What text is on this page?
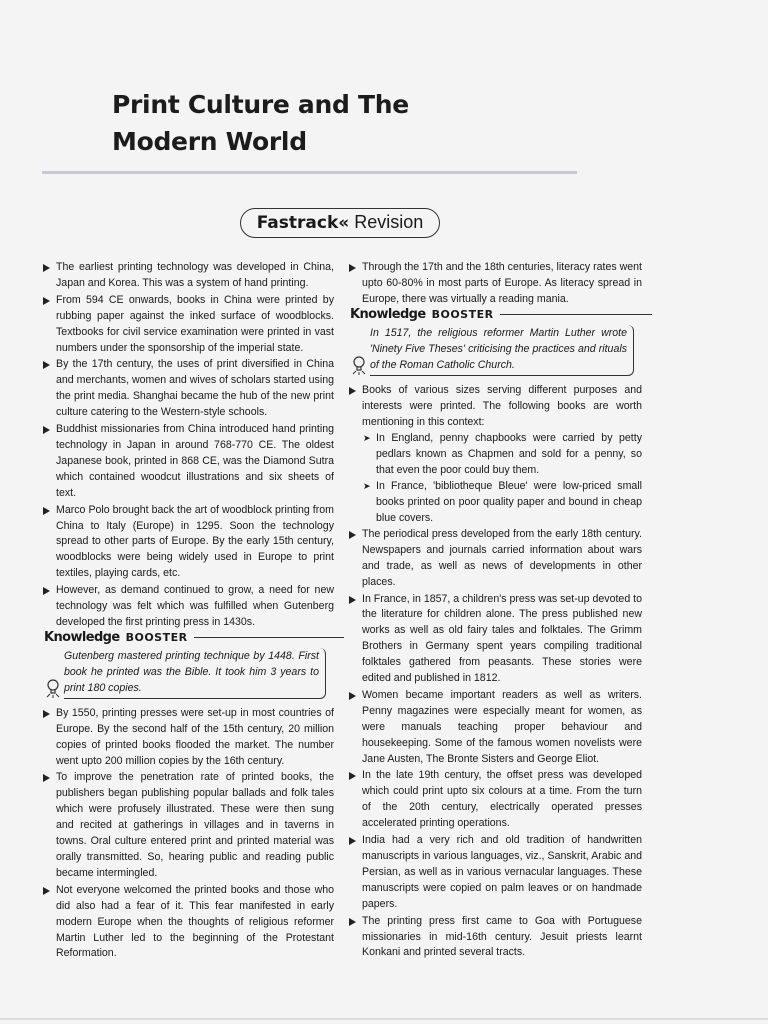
Print Culture and The
Modern World
Fastrack« Revision
The earliest printing technology was developed in China, Japan and Korea. This was a system of hand printing.
From 594 CE onwards, books in China were printed by rubbing paper against the inked surface of woodblocks. Textbooks for civil service examination were printed in vast numbers under the sponsorship of the imperial state.
By the 17th century, the uses of print diversified in China and merchants, women and wives of scholars started using the print media. Shanghai became the hub of the new print culture catering to the Western-style schools.
Buddhist missionaries from China introduced hand printing technology in Japan in around 768-770 CE. The oldest Japanese book, printed in 868 CE, was the Diamond Sutra which contained woodcut illustrations and six sheets of text.
Marco Polo brought back the art of woodblock printing from China to Italy (Europe) in 1295. Soon the technology spread to other parts of Europe. By the early 15th century, woodblocks were being widely used in Europe to print textiles, playing cards, etc.
However, as demand continued to grow, a need for new technology was felt which was fulfilled when Gutenberg developed the first printing press in 1430s.
Knowledge BOOSTER
Gutenberg mastered printing technique by 1448. First book he printed was the Bible. It took him 3 years to print 180 copies.
By 1550, printing presses were set-up in most countries of Europe. By the second half of the 15th century, 20 million copies of printed books flooded the market. The number went upto 200 million copies by the 16th century.
To improve the penetration rate of printed books, the publishers began publishing popular ballads and folk tales which were profusely illustrated. These were then sung and recited at gatherings in villages and in taverns in towns. Oral culture entered print and printed material was orally transmitted. So, hearing public and reading public became intermingled.
Not everyone welcomed the printed books and those who did also had a fear of it. This fear manifested in early modern Europe when the thoughts of religious reformer Martin Luther led to the beginning of the Protestant Reformation.
Through the 17th and the 18th centuries, literacy rates went upto 60-80% in most parts of Europe. As literacy spread in Europe, there was virtually a reading mania.
Knowledge BOOSTER
In 1517, the religious reformer Martin Luther wrote 'Ninety Five Theses' criticising the practices and rituals of the Roman Catholic Church.
Books of various sizes serving different purposes and interests were printed. The following books are worth mentioning in this context:
➤ In England, penny chapbooks were carried by petty pedlars known as Chapmen and sold for a penny, so that even the poor could buy them.
➤ In France, 'bibliotheque Bleue' were low-priced small books printed on poor quality paper and bound in cheap blue covers.
The periodical press developed from the early 18th century. Newspapers and journals carried information about wars and trade, as well as news of developments in other places.
In France, in 1857, a children's press was set-up devoted to the literature for children alone. The press published new works as well as old fairy tales and folktales. The Grimm Brothers in Germany spent years compiling traditional folktales gathered from peasants. These stories were edited and published in 1812.
Women became important readers as well as writers. Penny magazines were especially meant for women, as were manuals teaching proper behaviour and housekeeping. Some of the famous women novelists were Jane Austen, The Bronte Sisters and George Eliot.
In the late 19th century, the offset press was developed which could print upto six colours at a time. From the turn of the 20th century, electrically operated presses accelerated printing operations.
India had a very rich and old tradition of handwritten manuscripts in various languages, viz., Sanskrit, Arabic and Persian, as well as in various vernacular languages. These manuscripts were copied on palm leaves or on handmade papers.
The printing press first came to Goa with Portuguese missionaries in mid-16th century. Jesuit priests learnt Konkani and printed several tracts.
